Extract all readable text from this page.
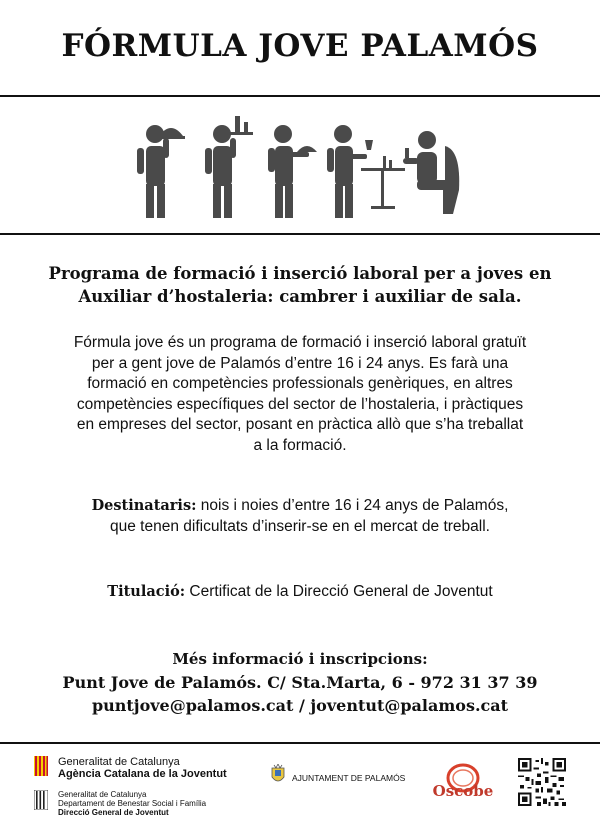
FÓRMULA JOVE PALAMÓS
Programa de formació i inserció laboral per a joves en
Auxiliar d’hostaleria: cambrer i auxiliar de sala.
Fórmula jove és un programa de formació i inserció laboral gratuït
per a gent jove de Palamós d’entre 16 i 24 anys. Es farà una
formació en competències professionals genèriques, en altres
competències específiques del sector de l’hostaleria, i pràctiques
en empreses del sector, posant en pràctica allò que s’ha treballat
a la formació.
Destinataris: nois i noies d’entre 16 i 24 anys de Palamós,
que tenen dificultats d’inserir-se en el mercat de treball.
Titulació: Certificat de la Direcció General de Joventut
Més informació i inscripcions:
Punt Jove de Palamós. C/ Sta.Marta, 6 - 972 31 37 39
puntjove@palamos.cat / joventut@palamos.cat
Generalitat de Catalunya
Agència Catalana de la Joventut
Generalitat de Catalunya
Departament de Benestar Social i Família
Direcció General de Joventut
AJUNTAMENT DE PALAMÓS
Oscobe
